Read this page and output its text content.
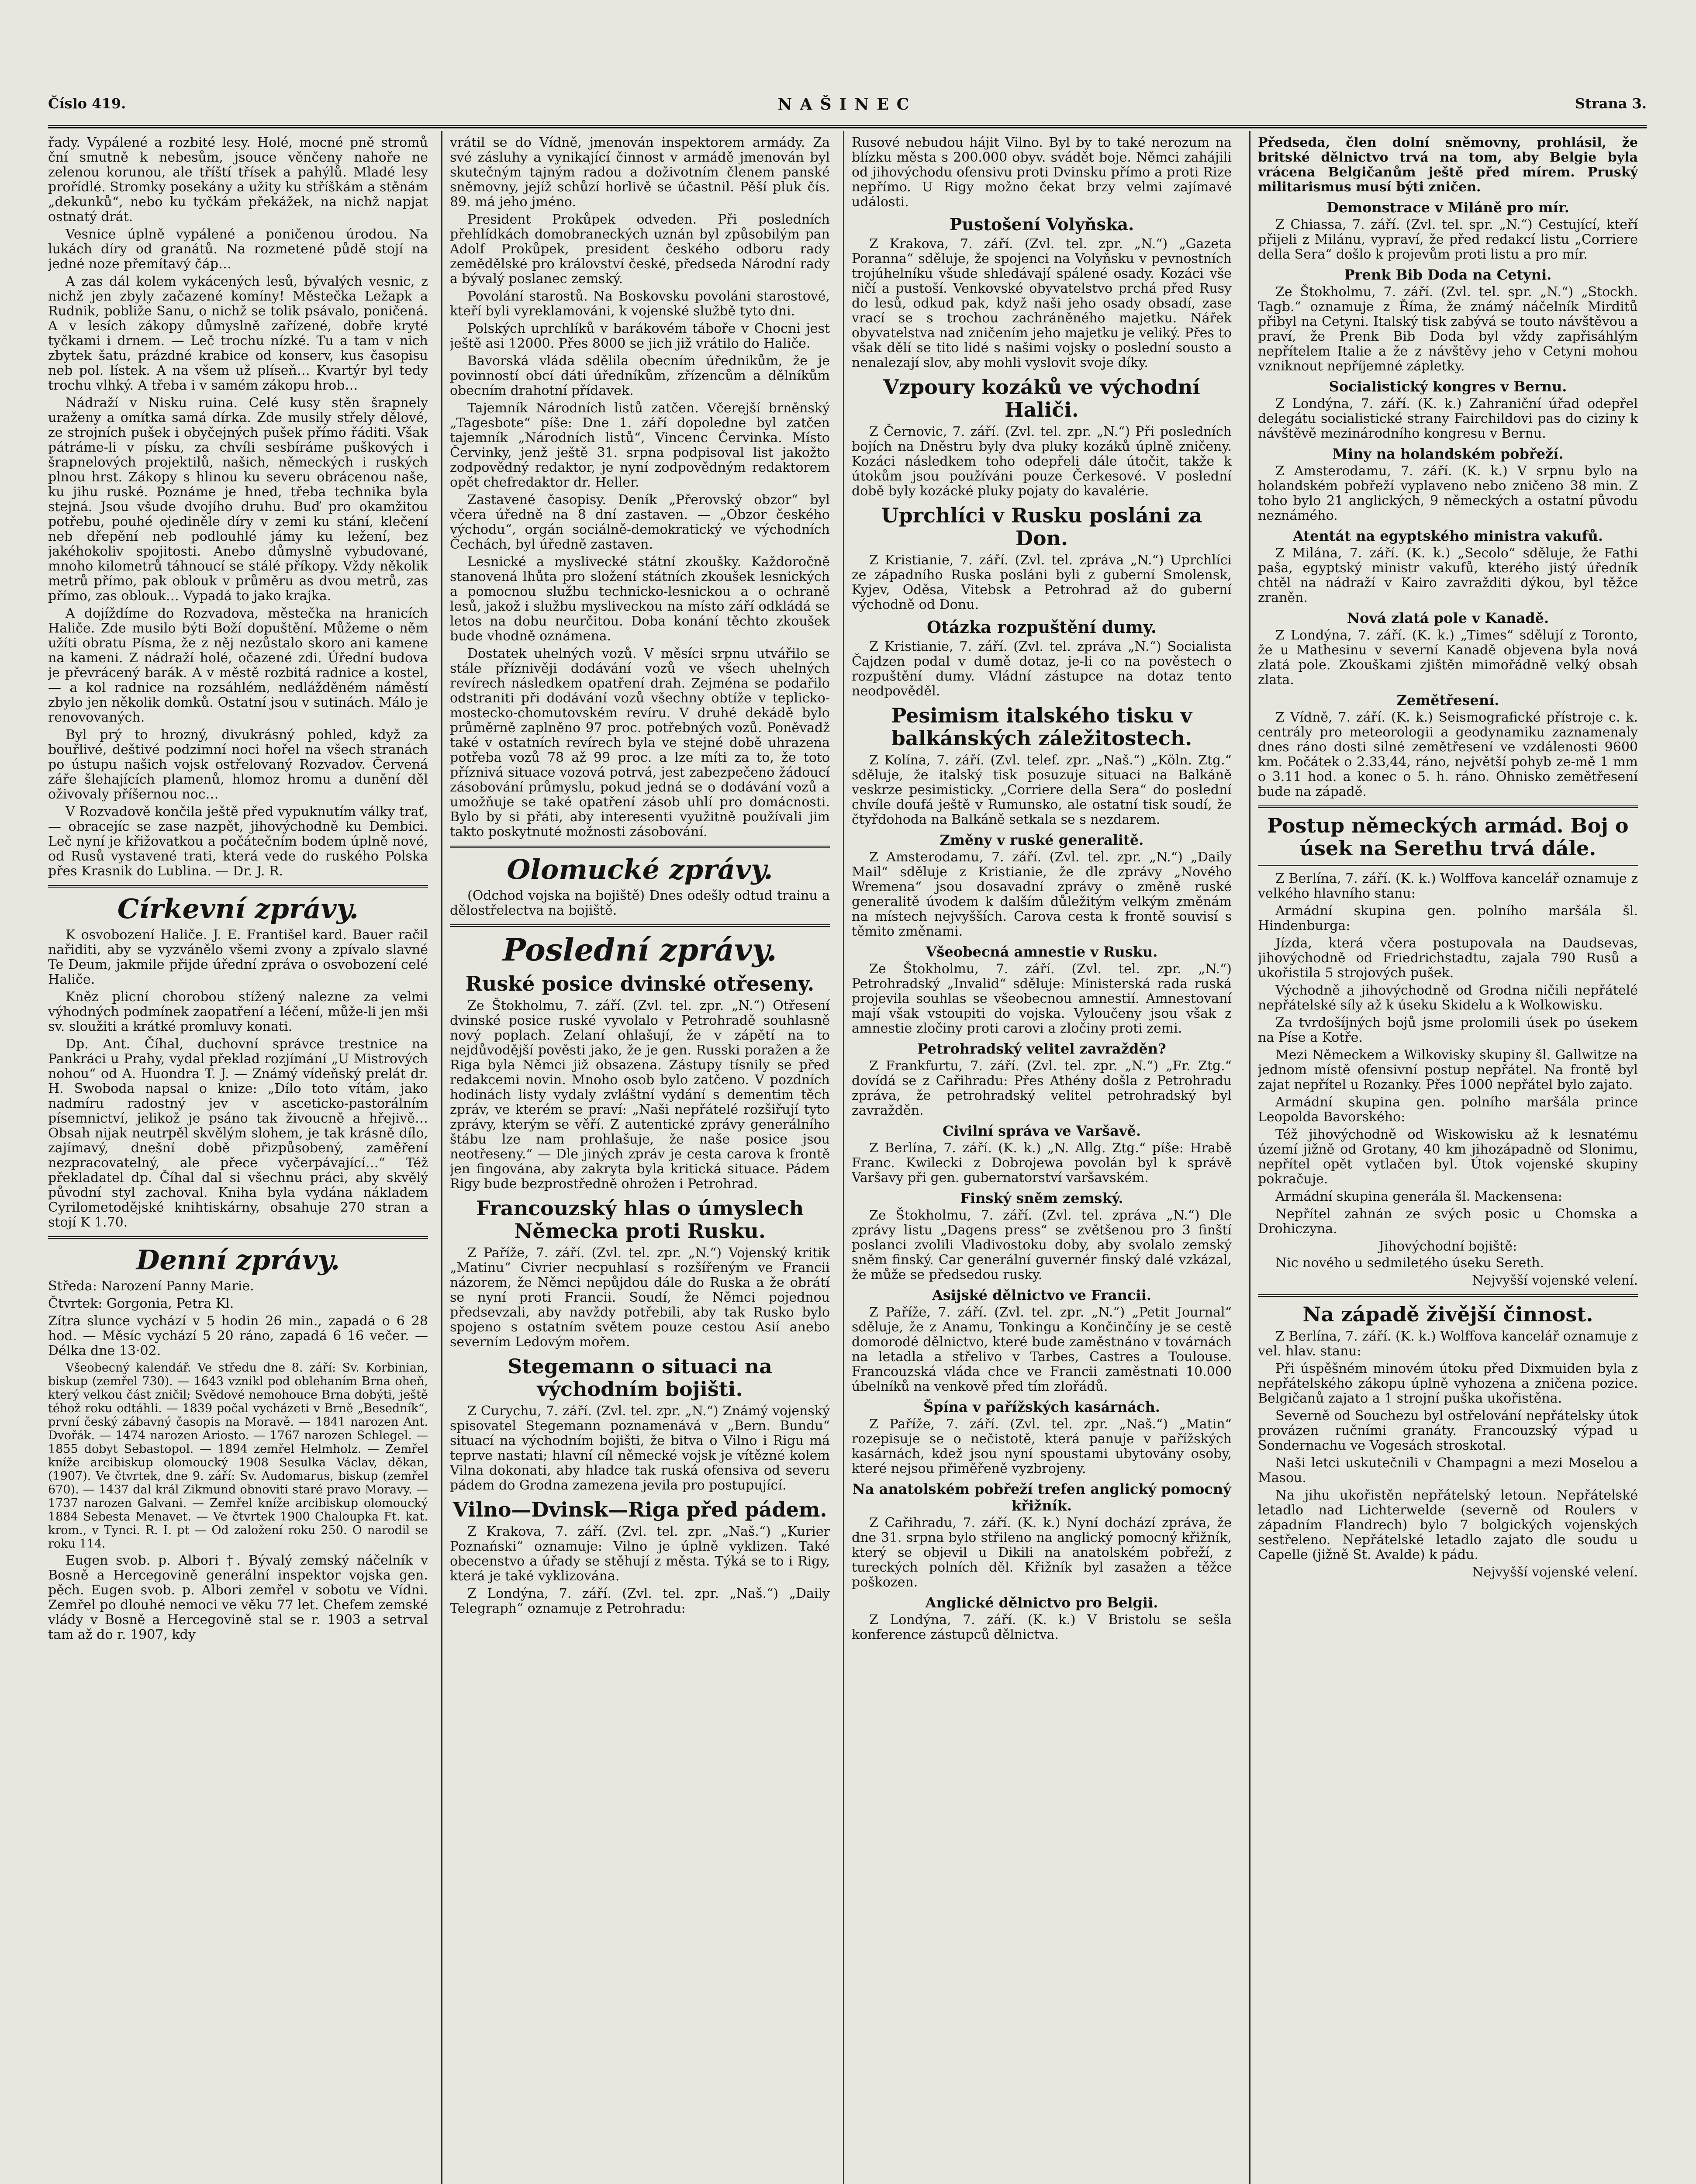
Číslo 419.	NAŠINEC	Strana 3.

řady. Vypálené a rozbité lesy. Holé, mocné pně stromů ční smutně k nebesům, jsouce věnčeny nahoře ne zelenou korunou, ale tříští třísek a pahýlů. Mladé lesy prořídlé. Stromky posekány a užity ku stříškám a stěnám „dekunků“, nebo ku tyčkám překážek, na nichž napjat ostnatý drát.

Vesnice úplně vypálené a poničenou úrodou. Na lukách díry od granátů. Na rozmetené půdě stojí na jedné noze přemítavý čáp…

A zas dál kolem vykácených lesů, bývalých vesnic, z nichž jen zbyly začazené komíny! Městečka Ležapk a Rudnik, pobliže Sanu, o nichž se tolik psávalo, poničená. A v lesích zákopy důmyslně zařízené, dobře kryté tyčkami i drnem. — Leč trochu nízké. Tu a tam v nich zbytek šatu, prázdné krabice od konserv, kus časopisu neb pol. lístek. A na všem už plíseň… Kvartýr byl tedy trochu vlhký. A třeba i v samém zákopu hrob…

Nádraží v Nisku ruina. Celé kusy stěn šrapnely uraženy a omítka samá dírka. Zde musily střely dělové, ze strojních pušek i obyčejných pušek přímo řáditi. Však pátráme-li v písku, za chvíli sesbíráme puškových i šrapnelových projektilů, našich, německých i ruských plnou hrst. Zákopy s hlinou ku severu obrácenou naše, ku jihu ruské. Poznáme je hned, třeba technika byla stejná. Jsou všude dvojího druhu. Buď pro okamžitou potřebu, pouhé ojediněle díry v zemi ku stání, klečení neb dřepění neb podlouhlé jámy ku ležení, bez jakéhokoliv spojitosti. Anebo důmyslně vybudované, mnoho kilometrů táhnoucí se stálé příkopy. Vždy několik metrů přímo, pak oblouk v průměru as dvou metrů, zas přímo, zas oblouk… Vypadá to jako krajka.

A dojíždíme do Rozvadova, městečka na hranicích Haliče. Zde musilo býti Boží dopuštění. Můžeme o něm užíti obratu Písma, že z něj nezůstalo skoro ani kamene na kameni. Z nádraží holé, očazené zdi. Úřední budova je převrácený barák. A v městě rozbitá radnice a kostel, — a kol radnice na rozsáhlém, nedlážděném náměstí zbylo jen několik domků. Ostatní jsou v sutinách. Málo je renovovaných.

Byl prý to hrozný, divukrásný pohled, když za bouřlivé, deštivé podzimní noci hořel na všech stranách po ústupu našich vojsk ostřelovaný Rozvadov. Červená záře šlehajících plamenů, hlomoz hromu a dunění děl oživovaly příšernou noc…

V Rozvadově končila ještě před vypuknutím války trať, — obracejíc se zase nazpět, jihovýchodně ku Dembici. Leč nyní je křižovatkou a počátečním bodem úplně nové, od Rusů vystavené trati, která vede do ruského Polska přes Krasnik do Lublina. — Dr. J. R.

Církevní zprávy.

K osvobození Haliče. J. E. Františel kard. Bauer račil nařiditi, aby se vyzvánělo všemi zvony a zpívalo slavné Te Deum, jakmile přijde úřední zpráva o osvobození celé Haliče.

Kněz plicní chorobou stížený nalezne za velmi výhodných podmínek zaopatření a léčení, může-li jen mši sv. sloužiti a krátké promluvy konati.

Dp. Ant. Číhal, duchovní správce trestnice na Pankráci u Prahy, vydal překlad rozjímání „U Mistrových nohou“ od A. Huondra T. J. — Známý vídeňský prelát dr. H. Swoboda napsal o knize: „Dílo toto vítám, jako nadmíru radostný jev v asceticko-pastorálním písemnictví, jelikož je psáno tak živoucně a hřejivě… Obsah nijak neutrpěl skvělým slohem, je tak krásně dílo, zajímavý, dnešní době přizpůsobený, zaměření nezpracovatelný, ale přece vyčerpávající…“ Též překladatel dp. Číhal dal si všechnu práci, aby skvělý původní styl zachoval. Kniha byla vydána nákladem Cyrilometodějské knihtiskárny, obsahuje 270 stran a stojí K 1.70.

Denní zprávy.

Středa: Narození Panny Marie.

Čtvrtek: Gorgonia, Petra Kl.

Zítra slunce vychází v 5 hodin 26 min., zapadá o 6 28 hod. — Měsíc vychází 5 20 ráno, zapadá 6 16 večer. — Délka dne 13·02.

Všeobecný kalendář. Ve středu dne 8. září: Sv. Korbinian, biskup (zemřel 730). — 1643 vznikl pod oblehaním Brna oheň, který velkou část zničil; Svědové nemohouce Brna dobýti, ještě téhož roku odtáhli. — 1839 počal vycházeti v Brně „Besedník“, první český zábavný časopis na Moravě. — 1841 narozen Ant. Dvořák. — 1474 narozen Ariosto. — 1767 narozen Schlegel. — 1855 dobyt Sebastopol. — 1894 zemřel Helmholz. — Zemřel kníže arcibiskup olomoucký 1908 Sesulka Václav, děkan, (1907). Ve čtvrtek, dne 9. září: Sv. Audomarus, biskup (zemřel 670). — 1437 dal král Zikmund obnoviti staré pravo Moravy. — 1737 narozen Galvani. — Zemřel kníže arcibiskup olomoucký 1884 Sebesta Menavet. — Ve čtvrtek 1900 Chaloupka Ft. kat. krom., v Tynci. R. I. pt — Od založení roku 250. O narodil se roku 114.

Eugen svob. p. Albori †. Bývalý zemský náčelník v Bosně a Hercegovině generální inspektor vojska gen. pěch. Eugen svob. p. Albori zemřel v sobotu ve Vídni. Zemřel po dlouhé nemoci ve věku 77 let. Chefem zemské vlády v Bosně a Hercegovině stal se r. 1903 a setrval tam až do r. 1907, kdy

vrátil se do Vídně, jmenován inspektorem armády. Za své zásluhy a vynikající činnost v armádě jmenován byl skutečným tajným radou a doživotním členem panské sněmovny, jejíž schůzí horlivě se účastnil. Pěší pluk čís. 89. má jeho jméno.

President Prokůpek odveden. Při posledních přehlídkách domobraneckých uznán byl způsobilým pan Adolf Prokůpek, president českého odboru rady zemědělské pro království české, předseda Národní rady a bývalý poslanec zemský.

Povolání starostů. Na Boskovsku povoláni starostové, kteří byli vyreklamováni, k vojenské službě tyto dni.

Polských uprchlíků v barákovém táboře v Chocni jest ještě asi 12000. Přes 8000 se jich již vrátilo do Haliče.

Bavorská vláda sdělila obecním úřednikům, že je povinností obcí dáti úředníkům, zřízencům a dělníkům obecním drahotní přídavek.

Tajemník Národních listů zatčen. Včerejší brněnský „Tagesbote“ píše: Dne 1. září dopoledne byl zatčen tajemník „Národních listů“, Vincenc Červinka. Místo Červinky, jenž ještě 31. srpna podpisoval list jakožto zodpovědný redaktor, je nyní zodpovědným redaktorem opět chefredaktor dr. Heller.

Zastavené časopisy. Deník „Přerovský obzor“ byl včera úředně na 8 dní zastaven. — „Obzor českého východu“, orgán sociálně-demokratický ve východních Čechách, byl úředně zastaven.

Lesnické a myslivecké státní zkoušky. Každoročně stanovená lhůta pro složení státních zkoušek lesnických a pomocnou službu technicko-lesnickou a o ochraně lesů, jakož i službu mysliveckou na místo září odkládá se letos na dobu neurčitou. Doba konání těchto zkoušek bude vhodně oznámena.

Dostatek uhelných vozů. V měsíci srpnu utvářilo se stále příznivěji dodávání vozů ve všech uhelných revírech následkem opatření drah. Zejména se podařilo odstraniti při dodávání vozů všechny obtíže v teplicko-mostecko-chomutovském revíru. V druhé dekádě bylo průměrně zaplněno 97 proc. potřebných vozů. Poněvadž také v ostatních revírech byla ve stejné době uhrazena potřeba vozů 78 až 99 proc. a lze míti za to, že toto příznivá situace vozová potrvá, jest zabezpečeno žádoucí zásobování průmyslu, pokud jedná se o dodávání vozů a umožňuje se také opatření zásob uhlí pro domácnosti. Bylo by si přáti, aby interesenti využitně používali jim takto poskytnuté možnosti zásobování.

Olomucké zprávy.

(Odchod vojska na bojiště) Dnes odešly odtud trainu a dělostřelectva na bojiště.

Poslední zprávy.
Ruské posice dvinské otřeseny.

Ze Štokholmu, 7. září. (Zvl. tel. zpr. „N.“) Otřesení dvinské posice ruské vyvolalo v Petrohradě souhlasně nový poplach. Zelaní ohlašují, že v zápětí na to nejdůvodější pověsti jako, že je gen. Russki poražen a že Riga byla Němci již obsazena. Zástupy tísnily se před redakcemi novin. Mnoho osob bylo zatčeno. V pozdních hodinách listy vydaly zvláštní vydání s dementim těch zpráv, ve kterém se praví: „Naši nepřátelé rozšiřují tyto zprávy, kterým se věří. Z autentické zprávy generálního štábu lze nam prohlašuje, že naše posice jsou neotřeseny.“ — Dle jiných zpráv je cesta carova k frontě jen fingována, aby zakryta byla kritická situace. Pádem Rigy bude bezprostředně ohrožen i Petrohrad.

Francouzský hlas o úmyslech Německa proti Rusku.

Z Paříže, 7. září. (Zvl. tel. zpr. „N.“) Vojenský kritik „Matinu“ Civrier necpuhlasí s rozšířeným ve Francii názorem, že Němci nepůjdou dále do Ruska a že obrátí se nyní proti Francii. Soudí, že Němci pojednou předsevzali, aby navždy potřebili, aby tak Rusko bylo spojeno s ostatním světem pouze cestou Asií anebo severním Ledovým mořem.

Stegemann o situaci na východním bojišti.

Z Curychu, 7. září. (Zvl. tel. zpr. „N.“) Známý vojenský spisovatel Stegemann poznamenává v „Bern. Bundu“ situací na východním bojišti, že bitva o Vilno i Rigu má teprve nastati; hlavní cíl německé vojsk je vítězné kolem Vilna dokonati, aby hladce tak ruská ofensiva od severu pádem do Grodna zamezena jevila pro postupující.

Vilno—Dvinsk—Riga před pádem.

Z Krakova, 7. září. (Zvl. tel. zpr. „Naš.“) „Kurier Poznański“ oznamuje: Vilno je úplně vyklizen. Také obecenstvo a úřady se stěhují z města. Týká se to i Rigy, která je také vyklizována.

Z Londýna, 7. září. (Zvl. tel. zpr. „Naš.“) „Daily Telegraph“ oznamuje z Petrohradu:

Rusové nebudou hájit Vilno. Byl by to také nerozum na blízku města s 200.000 obyv. svádět boje. Němci zahájili od jihovýchodu ofensivu proti Dvinsku přímo a proti Rize nepřímo. U Rigy možno čekat brzy velmi zajímavé události.

Pustošení Volyňska.

Z Krakova, 7. září. (Zvl. tel. zpr. „N.“) „Gazeta Poranna“ sděluje, že spojenci na Volyňsku v pevnostních trojúhelníku všude shledávají spálené osady. Kozáci vše ničí a pustoší. Venkovské obyvatelstvo prchá před Rusy do lesů, odkud pak, když naši jeho osady obsadí, zase vrací se s trochou zachráněného majetku. Nářek obyvatelstva nad zničením jeho majetku je veliký. Přes to však dělí se tito lidé s našimi vojsky o poslední sousto a nenalezají slov, aby mohli vyslovit svoje díky.

Vzpoury kozáků ve východní Haliči.

Z Černovic, 7. září. (Zvl. tel. zpr. „N.“) Při posledních bojích na Dněstru byly dva pluky kozáků úplně zničeny. Kozáci následkem toho odepřeli dále útočit, takže k útokům jsou používáni pouze Čerkesové. V poslední době byly kozácké pluky pojaty do kavalérie.

Uprchlíci v Rusku posláni za Don.

Z Kristianie, 7. září. (Zvl. tel. zpráva „N.“) Uprchlíci ze západního Ruska posláni byli z guberní Smolensk, Kyjev, Oděsa, Vitebsk a Petrohrad až do guberní východně od Donu.

Otázka rozpuštění dumy.

Z Kristianie, 7. září. (Zvl. tel. zpráva „N.“) Socialista Čajdzen podal v dumě dotaz, je-li co na pověstech o rozpuštění dumy. Vládní zástupce na dotaz tento neodpověděl.

Pesimism italského tisku v balkánských záležitostech.

Z Kolína, 7. září. (Zvl. telef. zpr. „Naš.“) „Köln. Ztg.“ sděluje, že italský tisk posuzuje situaci na Balkáně veskrze pesimisticky. „Corriere della Sera“ do poslední chvíle doufá ještě v Rumunsko, ale ostatní tisk soudí, že čtyřdohoda na Balkáně setkala se s nezdarem.

Změny v ruské generalitě.

Z Amsterodamu, 7. září. (Zvl. tel. zpr. „N.“) „Daily Mail“ sděluje z Kristianie, že dle zprávy „Nového Wremena“ jsou dosavadní zprávy o změně ruské generalitě úvodem k dalším důležitým velkým změnám na místech nejvyšších. Carova cesta k frontě souvisí s těmito změnami.

Všeobecná amnestie v Rusku.

Ze Štokholmu, 7. září. (Zvl. tel. zpr. „N.“) Petrohradský „Invalid“ sděluje: Ministerská rada ruská projevila souhlas se všeobecnou amnestií. Amnestovaní mají však vstoupiti do vojska. Vyloučeny jsou však z amnestie zločiny proti carovi a zločiny proti zemi.

Petrohradský velitel zavražděn?

Z Frankfurtu, 7. září. (Zvl. tel. zpr. „N.“) „Fr. Ztg.“ dovídá se z Cařihradu: Přes Athény došla z Petrohradu zpráva, že petrohradský velitel petrohradský byl zavražděn.

Civilní správa ve Varšavě.

Z Berlína, 7. září. (K. k.) „N. Allg. Ztg.“ píše: Hrabě Franc. Kwilecki z Dobrojewa povolán byl k správě Varšavy při gen. gubernatorství varšavském.

Finský sněm zemský.

Ze Štokholmu, 7. září. (Zvl. tel. zpráva „N.“) Dle zprávy listu „Dagens press“ se zvětšenou pro 3 finští poslanci zvolili Vladivostoku doby, aby svolalo zemský sněm finský. Car generální guvernér finský dalé vzkázal, že může se předsedou rusky.

Asijské dělnictvo ve Francii.

Z Paříže, 7. září. (Zvl. tel. zpr. „N.“) „Petit Journal“ sděluje, že z Anamu, Tonkingu a Končinčíny je se cestě domorodé dělnictvo, které bude zaměstnáno v továrnách na letadla a střelivo v Tarbes, Castres a Toulouse. Francouzská vláda chce ve Francii zaměstnati 10.000 úbelníků na venkově před tím zlořádů.

Špína v pařížských kasárnách.

Z Paříže, 7. září. (Zvl. tel. zpr. „Naš.“) „Matin“ rozepisuje se o nečistotě, která panuje v pařížských kasárnách, kdež jsou nyní spoustami ubytovány osoby, které nejsou přiměřeně vyzbrojeny.

Na anatolském pobřeží trefen anglický pomocný křižník.

Z Cařihradu, 7. září. (K. k.) Nyní dochází zpráva, že dne 31. srpna bylo střileno na anglický pomocný křižník, který se objevil u Dikili na anatolském pobřeží, z tureckých polních děl. Křižník byl zasažen a těžce poškozen.

Anglické dělnictvo pro Belgii.

Z Londýna, 7. září. (K. k.) V Bristolu se sešla konference zástupců dělnictva.

Předseda, člen dolní sněmovny, prohlásil, že britské dělnictvo trvá na tom, aby Belgie byla vrácena Belgičanům ještě před mírem. Pruský militarismus musí býti zničen.

Demonstrace v Miláně pro mír.

Z Chiassa, 7. září. (Zvl. tel. spr. „N.“) Cestující, kteří přijeli z Milánu, vypraví, že před redakcí listu „Corriere della Sera“ došlo k projevům proti listu a pro mír.

Prenk Bib Doda na Cetyni.

Ze Štokholmu, 7. září. (Zvl. tel. spr. „N.“) „Stockh. Tagb.“ oznamuje z Říma, že známý náčelník Mirditů přibyl na Cetyni. Italský tisk zabývá se touto návštěvou a praví, že Prenk Bib Doda byl vždy zapřisáhlým nepřítelem Italie a že z návštěvy jeho v Cetyni mohou vzniknout nepříjemné zápletky.

Socialistický kongres v Bernu.

Z Londýna, 7. září. (K. k.) Zahraniční úřad odepřel delegátu socialistické strany Fairchildovi pas do ciziny k návštěvě mezinárodního kongresu v Bernu.

Miny na holandském pobřeží.

Z Amsterodamu, 7. září. (K. k.) V srpnu bylo na holandském pobřeží vyplaveno nebo zničeno 38 min. Z toho bylo 21 anglických, 9 německých a ostatní původu neznámého.

Atentát na egyptského ministra vakufů.

Z Milána, 7. září. (K. k.) „Secolo“ sděluje, že Fathi paša, egyptský ministr vakufů, kterého jistý úředník chtěl na nádraží v Kairo zavražditi dýkou, byl těžce zraněn.

Nová zlatá pole v Kanadě.

Z Londýna, 7. září. (K. k.) „Times“ sdělují z Toronto, že u Mathesinu v severní Kanadě objevena byla nová zlatá pole. Zkouškami zjištěn mimořádně velký obsah zlata.

Zemětřesení.

Z Vídně, 7. září. (K. k.) Seismografické přístroje c. k. centrály pro meteorologii a geodynamiku zaznamenaly dnes ráno dosti silné zemětřesení ve vzdálenosti 9600 km. Počátek o 2.33,44, ráno, největší pohyb ze-mě 1 mm o 3.11 hod. a konec o 5. h. ráno. Ohnisko zemětřesení bude na západě.

Postup německých armád. Boj o úsek na Serethu trvá dále.

Z Berlína, 7. září. (K. k.) Wolffova kancelář oznamuje z velkého hlavního stanu:

Armádní skupina gen. polního maršála šl. Hindenburga:

Jízda, která včera postupovala na Daudsevas, jihovýchodně od Friedrichstadtu, zajala 790 Rusů a ukořistila 5 strojových pušek.

Východně a jihovýchodně od Grodna ničili nepřátelé nepřátelské síly až k úseku Skidelu a k Wolkowisku.

Za tvrdošíjných bojů jsme prolomili úsek po úsekem na Píse a Kotře.

Mezi Německem a Wilkovisky skupiny šl. Gallwitze na jednom místě ofensivní postup nepřátel. Na frontě byl zajat nepřítel u Rozanky. Přes 1000 nepřátel bylo zajato.

Armádní skupina gen. polního maršála prince Leopolda Bavorského:

Též jihovýchodně od Wiskowisku až k lesnatému území jižně od Grotany, 40 km jihozápadně od Slonimu, nepřítel opět vytlačen byl. Útok vojenské skupiny pokračuje.

Armádní skupina generála šl. Mackensena:

Nepřítel zahnán ze svých posic u Chomska a Drohiczyna.

Jihovýchodní bojiště:

Nic nového u sedmiletého úseku Sereth.

Nejvyšší vojenské velení.

Na západě živější činnost.

Z Berlína, 7. září. (K. k.) Wolffova kancelář oznamuje z vel. hlav. stanu:

Při úspěšném minovém útoku před Dixmuiden byla z nepřátelského zákopu úplně vyhozena a zničena pozice. Belgičanů zajato a 1 strojní puška ukořistěna.

Severně od Souchezu byl ostřelování nepřátelsky útok provázen ručními granáty. Francouzský výpad u Sondernachu ve Vogesách stroskotal.

Naši letci uskutečnili v Champagni a mezi Moselou a Masou.

Na jihu ukořistěn nepřátelský letoun. Nepřátelské letadlo nad Lichterwelde (severně od Roulers v západním Flandrech) bylo 7 bolgických vojenských sestřeleno. Nepřátelské letadlo zajato dle soudu u Capelle (jižně St. Avalde) k pádu.

Nejvyšší vojenské velení.
